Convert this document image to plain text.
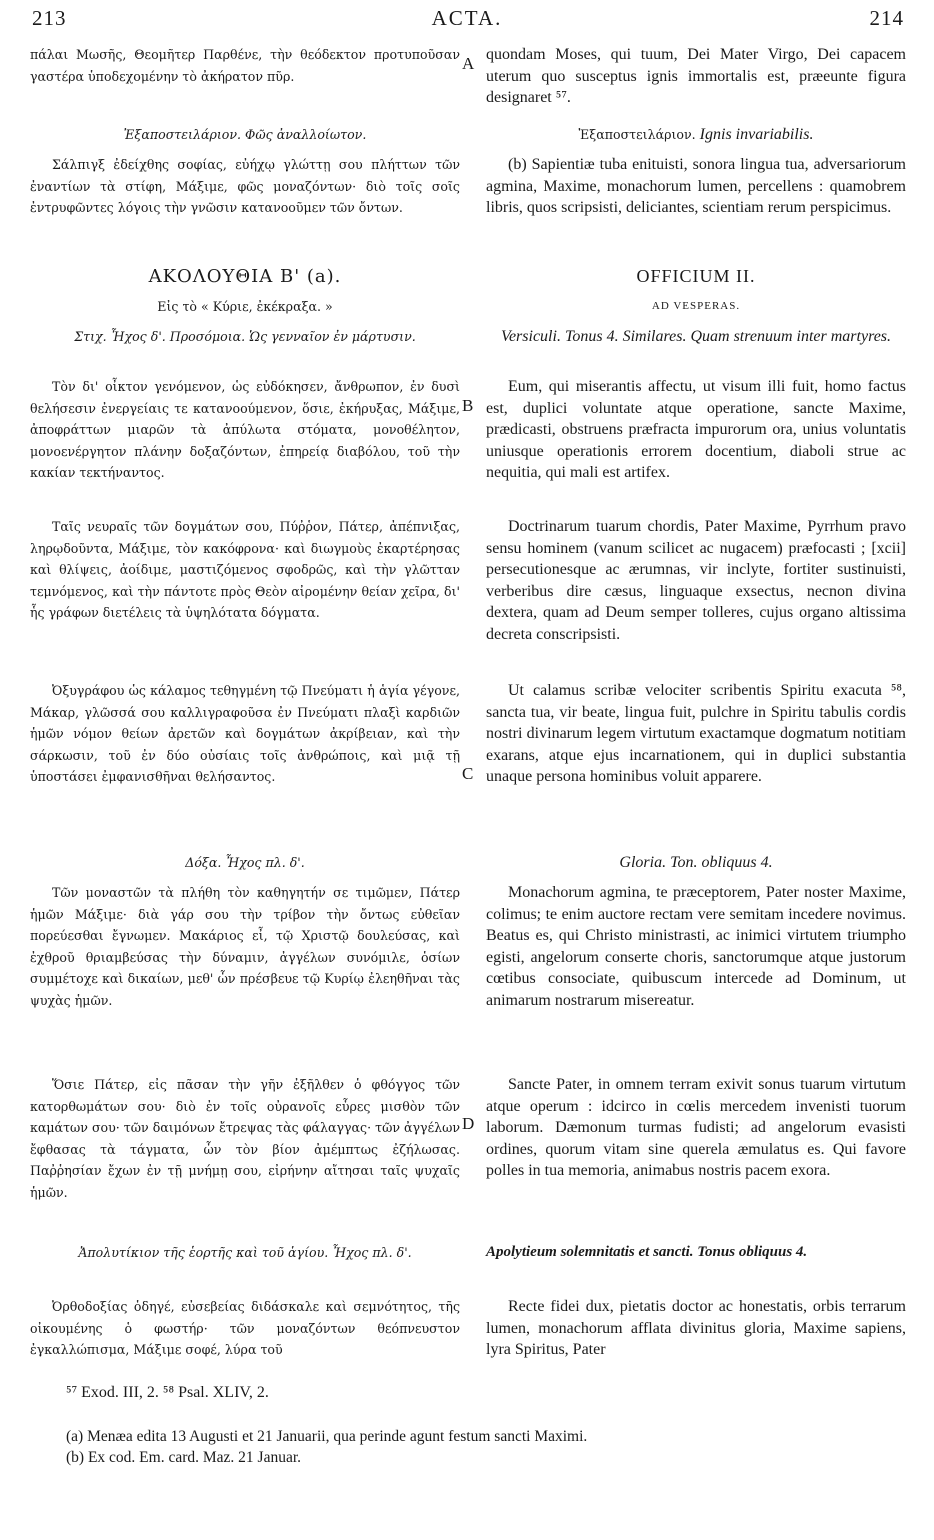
213	ACTA.	214
A
B
C
D

πάλαι Μωσῆς, Θεομῆτερ Παρθένε, τὴν θεόδεκτον προτυποῦσαν γαστέρα ὑποδεχομένην τὸ ἀκήρατον πῦρ.

Ἐξαποστειλάριον. Φῶς ἀναλλοίωτον.

Σάλπιγξ ἐδείχθης σοφίας, εὐήχῳ γλώττῃ σου πλήττων τῶν ἐναντίων τὰ στίφη, Μάξιμε, φῶς μοναζόντων· διὸ τοῖς σοῖς ἐντρυφῶντες λόγοις τὴν γνῶσιν κατανοοῦμεν τῶν ὄντων.

ΑΚΟΛΟΥΘΙΑ Β' (a).

Εἰς τὸ « Κύριε, ἐκέκραξα. »

Στιχ. Ἦχος δ'. Προσόμοια. Ὡς γενναῖον ἐν μάρτυσιν.

Τὸν δι' οἶκτον γενόμενον, ὡς εὐδόκησεν, ἄνθρωπον, ἐν δυσὶ θελήσεσιν ἐνεργείαις τε κατανοούμενον, ὅσιε, ἐκήρυξας, Μάξιμε, ἀποφράττων μιαρῶν τὰ ἀπύλωτα στόματα, μονοθέλητον, μονοενέργητον πλάνην δοξαζόντων, ἐπηρείᾳ διαβόλου, τοῦ τὴν κακίαν τεκτήναντος.

Ταῖς νευραῖς τῶν δογμάτων σου, Πύῤῥον, Πάτερ, ἀπέπνιξας, ληρῳδοῦντα, Μάξιμε, τὸν κακόφρονα· καὶ διωγμοὺς ἐκαρτέρησας καὶ θλίψεις, ἀοίδιμε, μαστιζόμενος σφοδρῶς, καὶ τὴν γλῶτταν τεμνόμενος, καὶ τὴν πάντοτε πρὸς Θεὸν αἰρομένην θείαν χεῖρα, δι' ἧς γράφων διετέλεις τὰ ὑψηλότατα δόγματα.

Ὀξυγράφου ὡς κάλαμος τεθηγμένη τῷ Πνεύματι ἡ ἁγία γέγονε, Μάκαρ, γλῶσσά σου καλλιγραφοῦσα ἐν Πνεύματι πλαξὶ καρδιῶν ἡμῶν νόμον θείων ἀρετῶν καὶ δογμάτων ἀκρίβειαν, καὶ τὴν σάρκωσιν, τοῦ ἐν δύο οὐσίαις τοῖς ἀνθρώποις, καὶ μιᾷ τῇ ὑποστάσει ἐμφανισθῆναι θελήσαντος.

Δόξα. Ἦχος πλ. δ'.

Τῶν μοναστῶν τὰ πλήθη τὸν καθηγητήν σε τιμῶμεν, Πάτερ ἡμῶν Μάξιμε· διὰ γάρ σου τὴν τρίβον τὴν ὄντως εὐθεῖαν πορεύεσθαι ἔγνωμεν. Μακάριος εἶ, τῷ Χριστῷ δουλεύσας, καὶ ἐχθροῦ θριαμβεύσας τὴν δύναμιν, ἀγγέλων συνόμιλε, ὁσίων συμμέτοχε καὶ δικαίων, μεθ' ὧν πρέσβευε τῷ Κυρίῳ ἐλεηθῆναι τὰς ψυχὰς ἡμῶν.

Ὅσιε Πάτερ, εἰς πᾶσαν τὴν γῆν ἐξῆλθεν ὁ φθόγγος τῶν κατορθωμάτων σου· διὸ ἐν τοῖς οὐρανοῖς εὗρες μισθὸν τῶν καμάτων σου· τῶν δαιμόνων ἔτρεψας τὰς φάλαγγας· τῶν ἀγγέλων ἔφθασας τὰ τάγματα, ὧν τὸν βίον ἀμέμπτως ἐζήλωσας. Παῤῥησίαν ἔχων ἐν τῇ μνήμῃ σου, εἰρήνην αἴτησαι ταῖς ψυχαῖς ἡμῶν.

Ἀπολυτίκιον τῆς ἑορτῆς καὶ τοῦ ἁγίου. Ἦχος πλ. δ'.

Ὀρθοδοξίας ὁδηγέ, εὐσεβείας διδάσκαλε καὶ σεμνότητος, τῆς οἰκουμένης ὁ φωστήρ· τῶν μοναζόντων θεόπνευστον ἐγκαλλώπισμα, Μάξιμε σοφέ, λύρα τοῦ

quondam Moses, qui tuum, Dei Mater Virgo, Dei capacem uterum quo susceptus ignis immortalis est, præeunte figura designaret ⁵⁷.

Ἐξαποστειλάριον. Ignis invariabilis.

(b) Sapientiæ tuba enituisti, sonora lingua tua, adversariorum agmina, Maxime, monachorum lumen, percellens : quamobrem libris, quos scripsisti, deliciantes, scientiam rerum perspicimus.

OFFICIUM II.

AD VESPERAS.

Versiculi. Tonus 4. Similares. Quam strenuum inter martyres.

Eum, qui miserantis affectu, ut visum illi fuit, homo factus est, duplici voluntate atque operatione, sancte Maxime, prædicasti, obstruens præfracta impurorum ora, unius voluntatis uniusque operationis errorem docentium, diaboli strue ac nequitia, qui mali est artifex.

Doctrinarum tuarum chordis, Pater Maxime, Pyrrhum pravo sensu hominem (vanum scilicet ac nugacem) præfocasti ; [xcii] persecutionesque ac ærumnas, vir inclyte, fortiter sustinuisti, verberibus dire cæsus, linguaque exsectus, necnon divina dextera, quam ad Deum semper tolleres, cujus organo altissima decreta conscripsisti.

Ut calamus scribæ velociter scribentis Spiritu exacuta ⁵⁸, sancta tua, vir beate, lingua fuit, pulchre in Spiritu tabulis cordis nostri divinarum legem virtutum exactamque dogmatum notitiam exarans, atque ejus incarnationem, qui in duplici substantia unaque persona hominibus voluit apparere.

Gloria. Ton. obliquus 4.

Monachorum agmina, te præceptorem, Pater noster Maxime, colimus; te enim auctore rectam vere semitam incedere novimus. Beatus es, qui Christo ministrasti, ac inimici virtutem triumpho egisti, angelorum conserte choris, sanctorumque atque justorum cœtibus consociate, quibuscum intercede ad Dominum, ut animarum nostrarum misereatur.

Sancte Pater, in omnem terram exivit sonus tuarum virtutum atque operum : idcirco in cœlis mercedem invenisti tuorum laborum. Dæmonum turmas fudisti; ad angelorum evasisti ordines, quorum vitam sine querela æmulatus es. Qui favore polles in tua memoria, animabus nostris pacem exora.

Apolytieum solemnitatis et sancti. Tonus obliquus 4.

Recte fidei dux, pietatis doctor ac honestatis, orbis terrarum lumen, monachorum afflata divinitus gloria, Maxime sapiens, lyra Spiritus, Pater

⁵⁷ Exod. III, 2. ⁵⁸ Psal. XLIV, 2.
(a) Menæa edita 13 Augusti et 21 Januarii, qua perinde agunt festum sancti Maximi.
(b) Ex cod. Em. card. Maz. 21 Januar.
